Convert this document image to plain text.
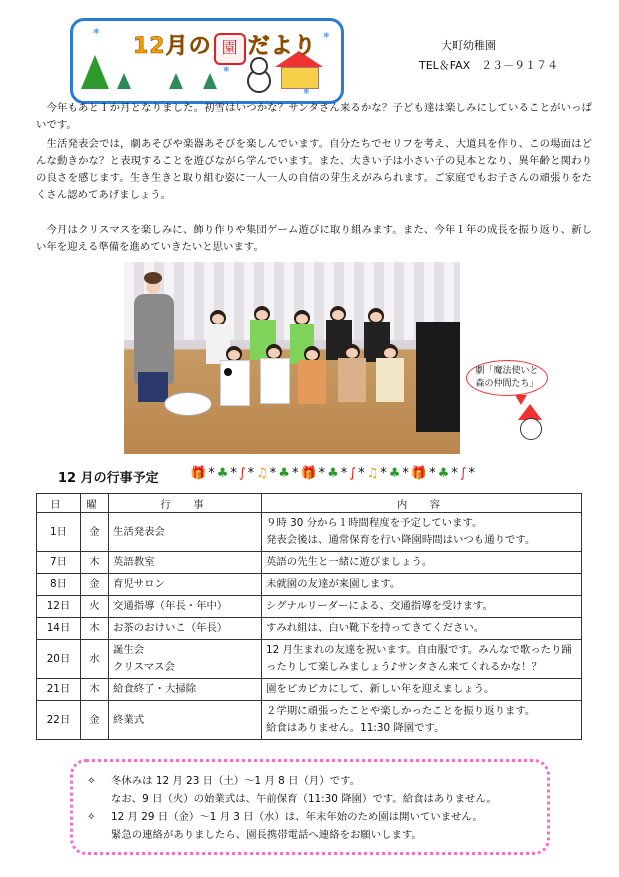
❄	❄
❄
❄
12月の 園 だより	大町幼稚園
TEL＆FAX　２３－９１７４
　今年もあと１か月となりました。初雪はいつかな？サンタさん来るかな？子ども達は楽しみにしていることがいっぱいです。
　生活発表会では，劇あそびや楽器あそびを楽しんでいます。自分たちでセリフを考え、大道具を作り、この場面はどんな動きかな？と表現することを遊びながら学んでいます。また、大きい子は小さい子の見本となり、異年齢と関わりの良さを感じます。生き生きと取り組む姿に一人一人の自信の芽生えがみられます。ご家庭でもお子さんの頑張りをたくさん認めてあげましょう。
　今月はクリスマスを楽しみに、飾り作りや集団ゲーム遊びに取り組みます。また、今年１年の成長を振り返り、新しい年を迎える準備を進めていきたいと思います。
劇「魔法使いと
森の仲間たち」
12 月の行事予定 🎁*♣*∫*♫*♣*🎁*♣*∫*♫*♣*🎁*♣*∫*
日	曜	行　事	内　容
1日	金	生活発表会	９時 30 分から１時間程度を予定しています。
発表会後は、通常保育を行い降園時間はいつも通りです。
7日	木	英語教室	英語の先生と一緒に遊びましょう。
8日	金	育児サロン	未就園の友達が来園します。
12日	火	交通指導（年長・年中）	シグナルリーダーによる、交通指導を受けます。
14日	木	お茶のおけいこ（年長）	すみれ組は、白い靴下を持ってきてください。
20日	水	誕生会
クリスマス会	12 月生まれの友達を祝います。自由服です。みんなで歌ったり踊ったりして楽しみましょう♪サンタさん来てくれるかな！？
21日	木	給食終了・大掃除	園をピカピカにして、新しい年を迎えましょう。
22日	金	終業式	２学期に頑張ったことや楽しかったことを振り返ります。
給食はありません。11:30 降園です。
✧ 冬休みは 12 月 23 日（土）～1 月 8 日（月）です。
なお、9 日（火）の始業式は、午前保育（11:30 降園）です。給食はありません。
✧ 12 月 29 日（金）～1 月 3 日（水）は、年末年始のため園は開いていません。
緊急の連絡がありましたら、園長携帯電話へ連絡をお願いします。
